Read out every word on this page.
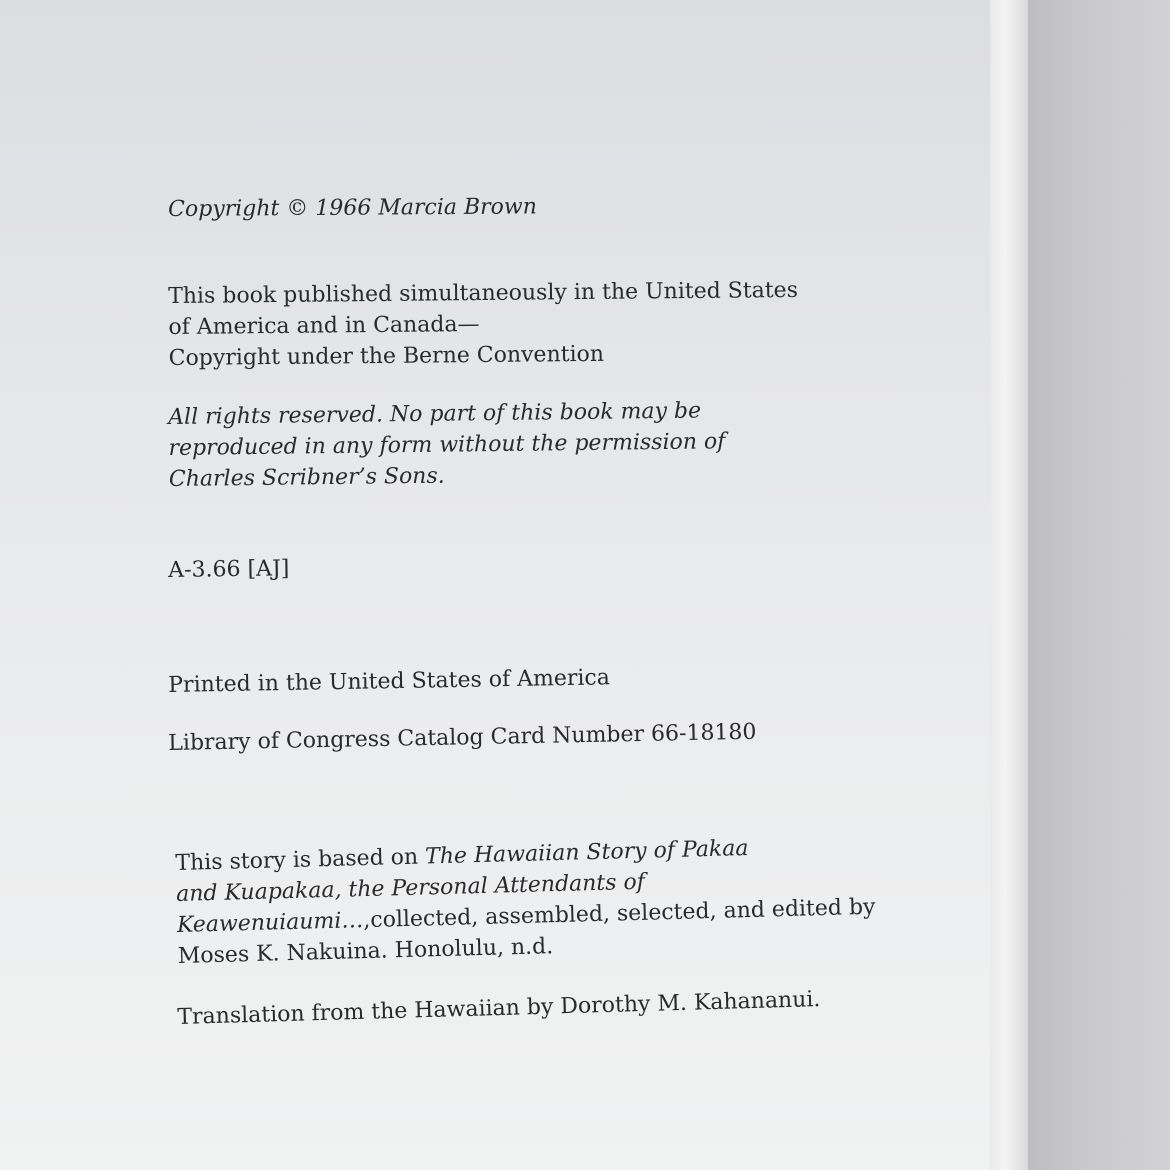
Copyright © 1966 Marcia Brown
This book published simultaneously in the United States
of America and in Canada—
Copyright under the Berne Convention
All rights reserved. No part of this book may be
reproduced in any form without the permission of
Charles Scribner’s Sons.
A-3.66 [AJ]
Printed in the United States of America
Library of Congress Catalog Card Number 66-18180
This story is based on The Hawaiian Story of Pakaa
and Kuapakaa, the Personal Attendants of
Keawenuiaumi…,collected, assembled, selected, and edited by
Moses K. Nakuina. Honolulu, n.d.
Translation from the Hawaiian by Dorothy M. Kahananui.
